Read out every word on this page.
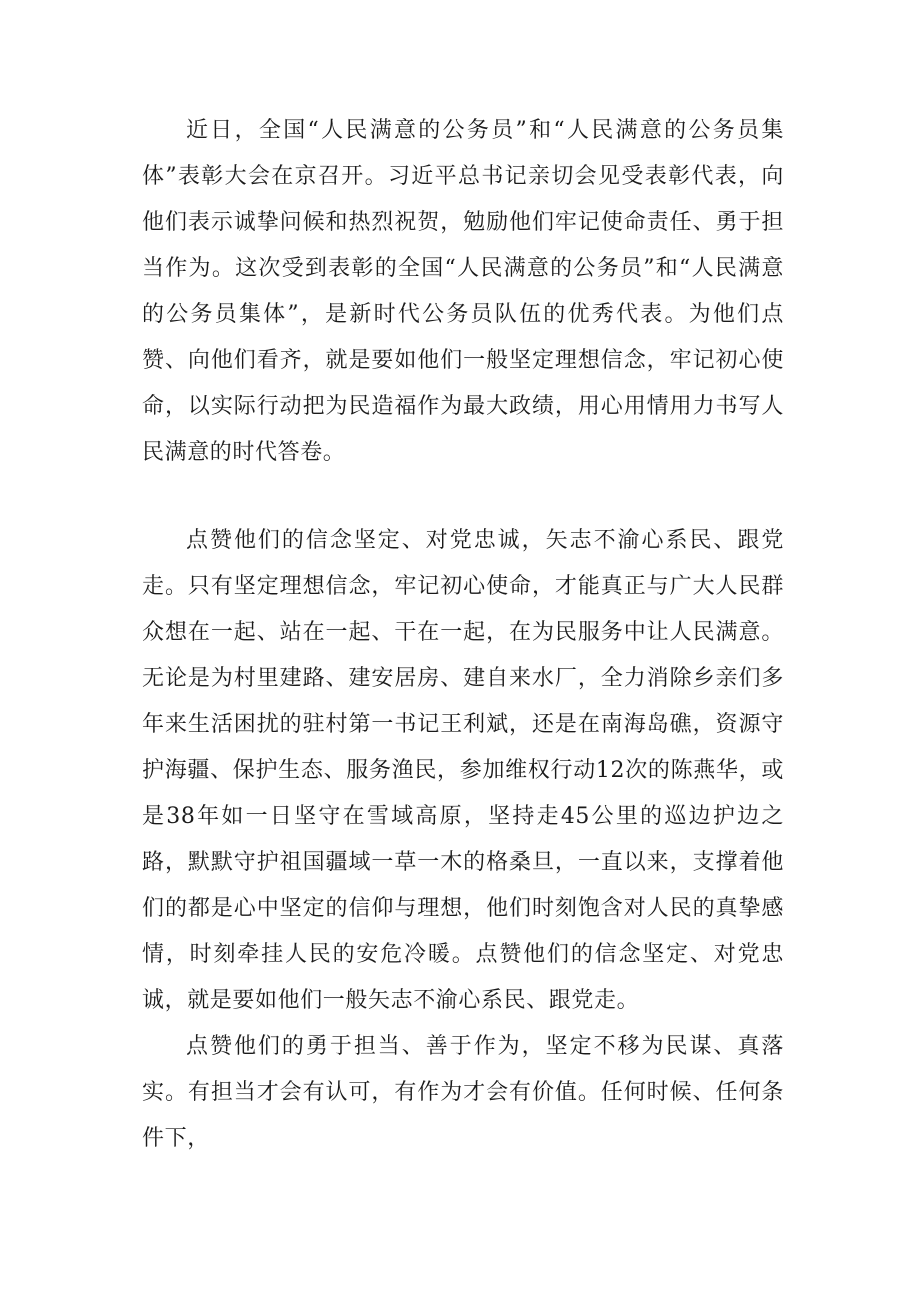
近日，全国“人民满意的公务员”和“人民满意的公务员集体”表彰大会在京召开。习近平总书记亲切会见受表彰代表，向他们表示诚挚问候和热烈祝贺，勉励他们牢记使命责任、勇于担当作为。这次受到表彰的全国“人民满意的公务员”和“人民满意的公务员集体”，是新时代公务员队伍的优秀代表。为他们点赞、向他们看齐，就是要如他们一般坚定理想信念，牢记初心使命，以实际行动把为民造福作为最大政绩，用心用情用力书写人民满意的时代答卷。

点赞他们的信念坚定、对党忠诚，矢志不渝心系民、跟党走。只有坚定理想信念，牢记初心使命，才能真正与广大人民群众想在一起、站在一起、干在一起，在为民服务中让人民满意。无论是为村里建路、建安居房、建自来水厂，全力消除乡亲们多年来生活困扰的驻村第一书记王利斌，还是在南海岛礁，资源守护海疆、保护生态、服务渔民，参加维权行动12次的陈燕华，或是38年如一日坚守在雪域高原，坚持走45公里的巡边护边之路，默默守护祖国疆域一草一木的格桑旦，一直以来，支撑着他们的都是心中坚定的信仰与理想，他们时刻饱含对人民的真挚感情，时刻牵挂人民的安危冷暖。点赞他们的信念坚定、对党忠诚，就是要如他们一般矢志不渝心系民、跟党走。

点赞他们的勇于担当、善于作为，坚定不移为民谋、真落实。有担当才会有认可，有作为才会有价值。任何时候、任何条件下，
